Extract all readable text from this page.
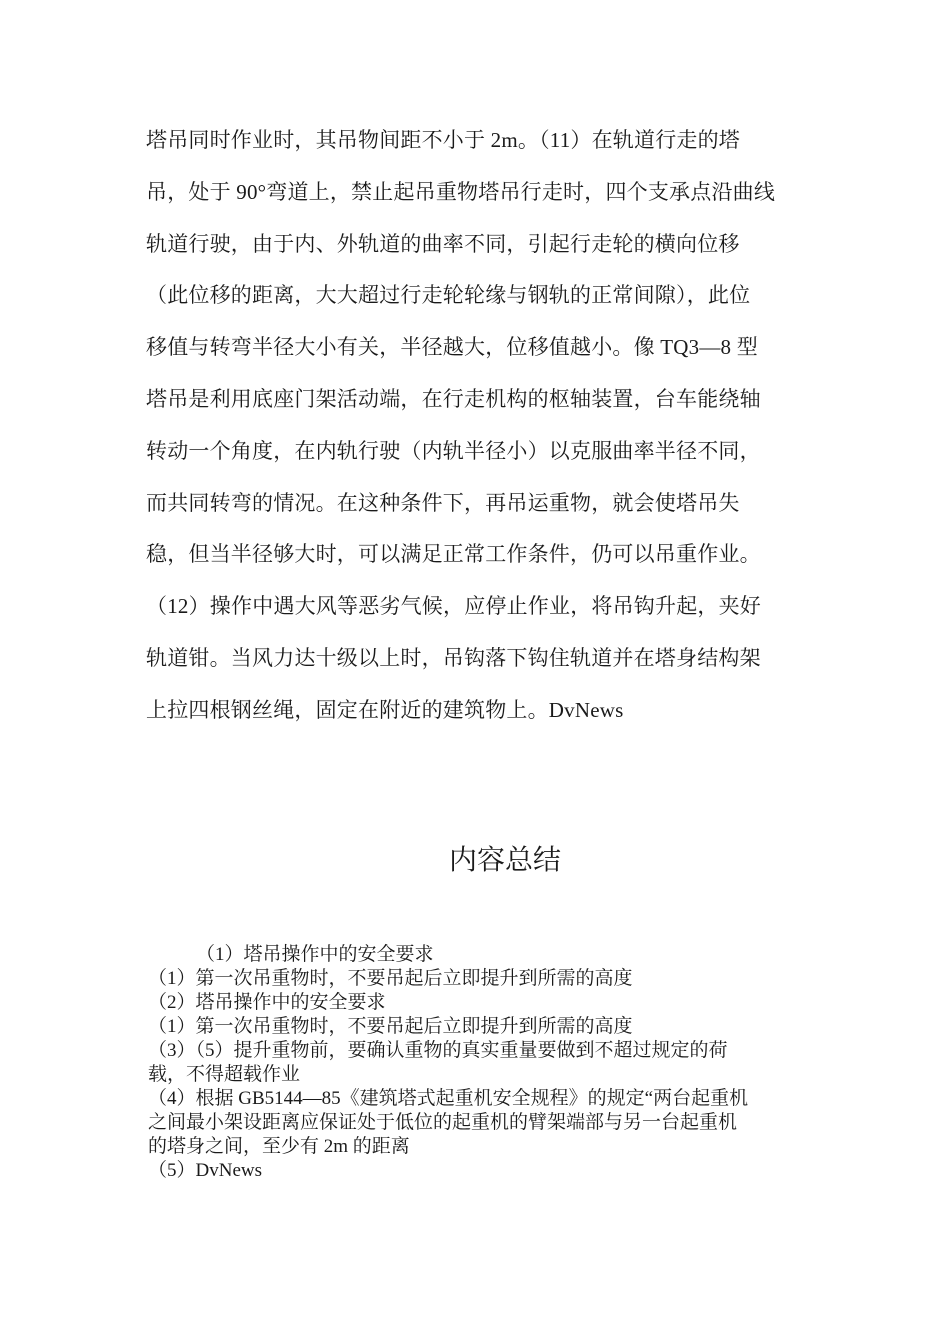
塔吊同时作业时，其吊物间距不小于 2m。（11）在轨道行走的塔
吊，处于 90°弯道上，禁止起吊重物塔吊行走时，四个支承点沿曲线
轨道行驶，由于内、外轨道的曲率不同，引起行走轮的横向位移
（此位移的距离，大大超过行走轮轮缘与钢轨的正常间隙），此位
移值与转弯半径大小有关，半径越大，位移值越小。像 TQ3—8 型
塔吊是利用底座门架活动端，在行走机构的枢轴装置，台车能绕轴
转动一个角度，在内轨行驶（内轨半径小）以克服曲率半径不同，
而共同转弯的情况。在这种条件下，再吊运重物，就会使塔吊失
稳，但当半径够大时，可以满足正常工作条件，仍可以吊重作业。
（12）操作中遇大风等恶劣气候，应停止作业，将吊钩升起，夹好
轨道钳。当风力达十级以上时，吊钩落下钩住轨道并在塔身结构架
上拉四根钢丝绳，固定在附近的建筑物上。DvNews
内容总结
（1）塔吊操作中的安全要求
（1）第一次吊重物时，不要吊起后立即提升到所需的高度
（2）塔吊操作中的安全要求
（1）第一次吊重物时，不要吊起后立即提升到所需的高度
（3）（5）提升重物前，要确认重物的真实重量要做到不超过规定的荷
载，不得超载作业
（4）根据 GB5144—85《建筑塔式起重机安全规程》的规定“两台起重机
之间最小架设距离应保证处于低位的起重机的臂架端部与另一台起重机
的塔身之间，至少有 2m 的距离
（5）DvNews
